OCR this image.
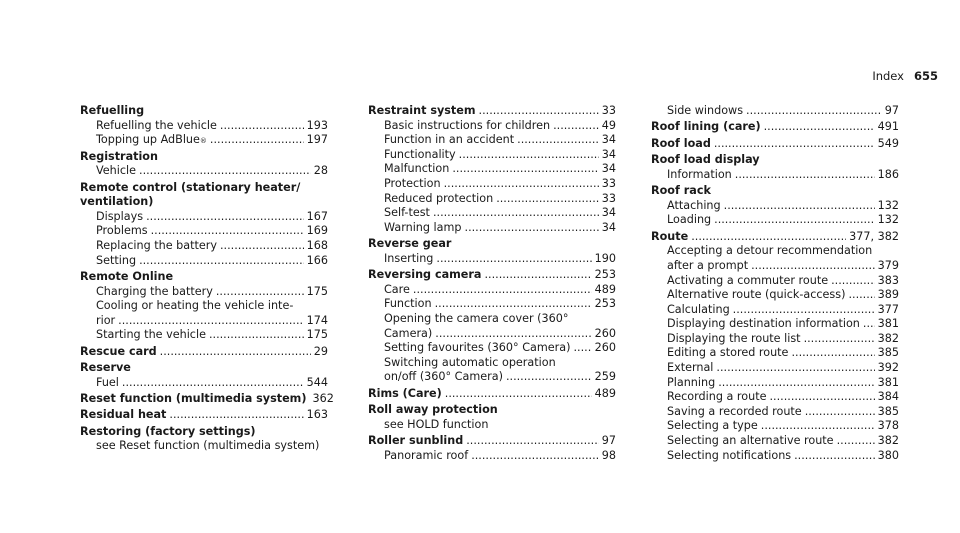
Index 655
Refuelling
Refuelling the vehicle .....	193
Topping up AdBlue ® .....	197
Registration
Vehicle .....	28
Remote control (stationary heater/
ventilation)
Displays .....	167
Problems .....	169
Replacing the battery .....	168
Setting .....	166
Remote Online
Charging the battery .....	175
Cooling or heating the vehicle inte-
rior .....	174
Starting the vehicle .....	175
Rescue card .....	29
Reserve
Fuel .....	544
Reset function (multimedia system) 362
Residual heat .....	163
Restoring (factory settings)
see Reset function (multimedia system)
Restraint system .....	33
Basic instructions for children .....	49
Function in an accident .....	34
Functionality .....	34
Malfunction .....	34
Protection .....	33
Reduced protection .....	33
Self-test .....	34
Warning lamp .....	34
Reverse gear
Inserting .....	190
Reversing camera .....	253
Care .....	489
Function .....	253
Opening the camera cover (360°
Camera) .....	260
Setting favourites (360° Camera) ..... 260
Switching automatic operation
on/off (360° Camera) .....	259
Rims (Care) .....	489
Roll away protection
see HOLD function
Roller sunblind .....	97
Panoramic roof .....	98
Side windows .....	97
Roof lining (care) .....	491
Roof load .....	549
Roof load display
Information .....	186
Roof rack
Attaching .....	132
Loading .....	132
Route .....	377, 382
Accepting a detour recommendation
after a prompt .....	379
Activating a commuter route .....	383
Alternative route (quick-access) .....	389
Calculating .....	377
Displaying destination information ..... 381
Displaying the route list .....	382
Editing a stored route .....	385
External .....	392
Planning .....	381
Recording a route .....	384
Saving a recorded route .....	385
Selecting a type .....	378
Selecting an alternative route .....	382
Selecting notifications .....	380
